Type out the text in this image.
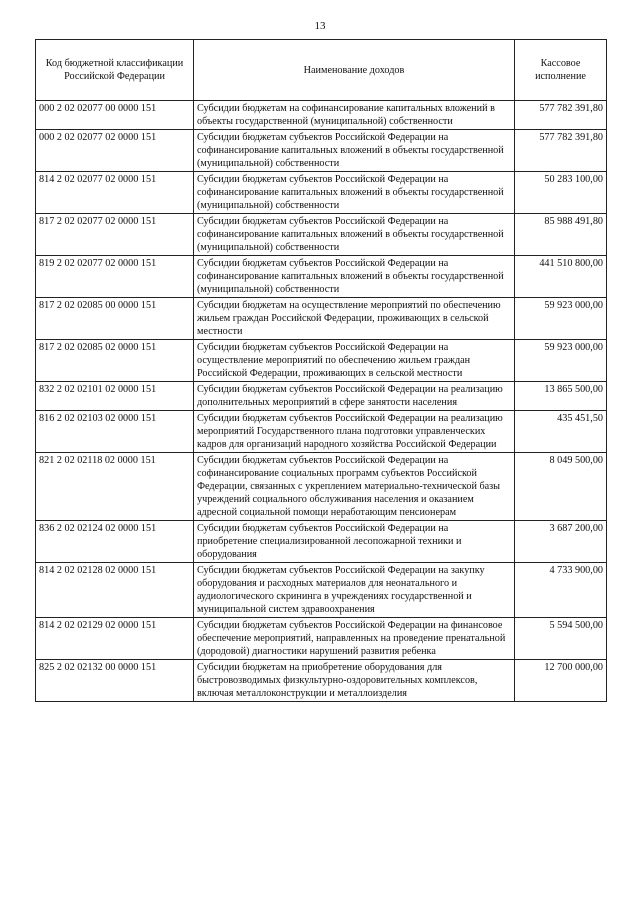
13
Код бюджетной классификации Российской Федерации	Наименование доходов	Кассовое исполнение
000 2 02 02077 00 0000 151	Субсидии бюджетам на софинансирование капитальных вложений в объекты государственной (муниципальной) собственности	577 782 391,80
000 2 02 02077 02 0000 151	Субсидии бюджетам субъектов Российской Федерации на софинансирование капитальных вложений в объекты государственной (муниципальной) собственности	577 782 391,80
814 2 02 02077 02 0000 151	Субсидии бюджетам субъектов Российской Федерации на софинансирование капитальных вложений в объекты государственной (муниципальной) собственности	50 283 100,00
817 2 02 02077 02 0000 151	Субсидии бюджетам субъектов Российской Федерации на софинансирование капитальных вложений в объекты государственной (муниципальной) собственности	85 988 491,80
819 2 02 02077 02 0000 151	Субсидии бюджетам субъектов Российской Федерации на софинансирование капитальных вложений в объекты государственной (муниципальной) собственности	441 510 800,00
817 2 02 02085 00 0000 151	Субсидии бюджетам на осуществление мероприятий по обеспечению жильем граждан Российской Федерации, проживающих в сельской местности	59 923 000,00
817 2 02 02085 02 0000 151	Субсидии бюджетам субъектов Российской Федерации на осуществление мероприятий по обеспечению жильем граждан Российской Федерации, проживающих в сельской местности	59 923 000,00
832 2 02 02101 02 0000 151	Субсидии бюджетам субъектов Российской Федерации на реализацию дополнительных мероприятий в сфере занятости населения	13 865 500,00
816 2 02 02103 02 0000 151	Субсидии бюджетам субъектов Российской Федерации на реализацию мероприятий Государственного плана подготовки управленческих кадров для организаций народного хозяйства Российской Федерации	435 451,50
821 2 02 02118 02 0000 151	Субсидии бюджетам субъектов Российской Федерации на софинансирование социальных программ субъектов Российской Федерации, связанных с укреплением материально-технической базы учреждений социального обслуживания населения и оказанием адресной социальной помощи неработающим пенсионерам	8 049 500,00
836 2 02 02124 02 0000 151	Субсидии бюджетам субъектов Российской Федерации на приобретение специализированной лесопожарной техники и оборудования	3 687 200,00
814 2 02 02128 02 0000 151	Субсидии бюджетам субъектов Российской Федерации на закупку оборудования и расходных материалов для неонатального и аудиологического скрининга в учреждениях государственной и муниципальной систем здравоохранения	4 733 900,00
814 2 02 02129 02 0000 151	Субсидии бюджетам субъектов Российской Федерации на финансовое обеспечение мероприятий, направленных на проведение пренатальной (дородовой) диагностики нарушений развития ребенка	5 594 500,00
825 2 02 02132 00 0000 151	Субсидии бюджетам на приобретение оборудования для быстровозводимых физкультурно-оздоровительных комплексов, включая металлоконструкции и металлоизделия	12 700 000,00
